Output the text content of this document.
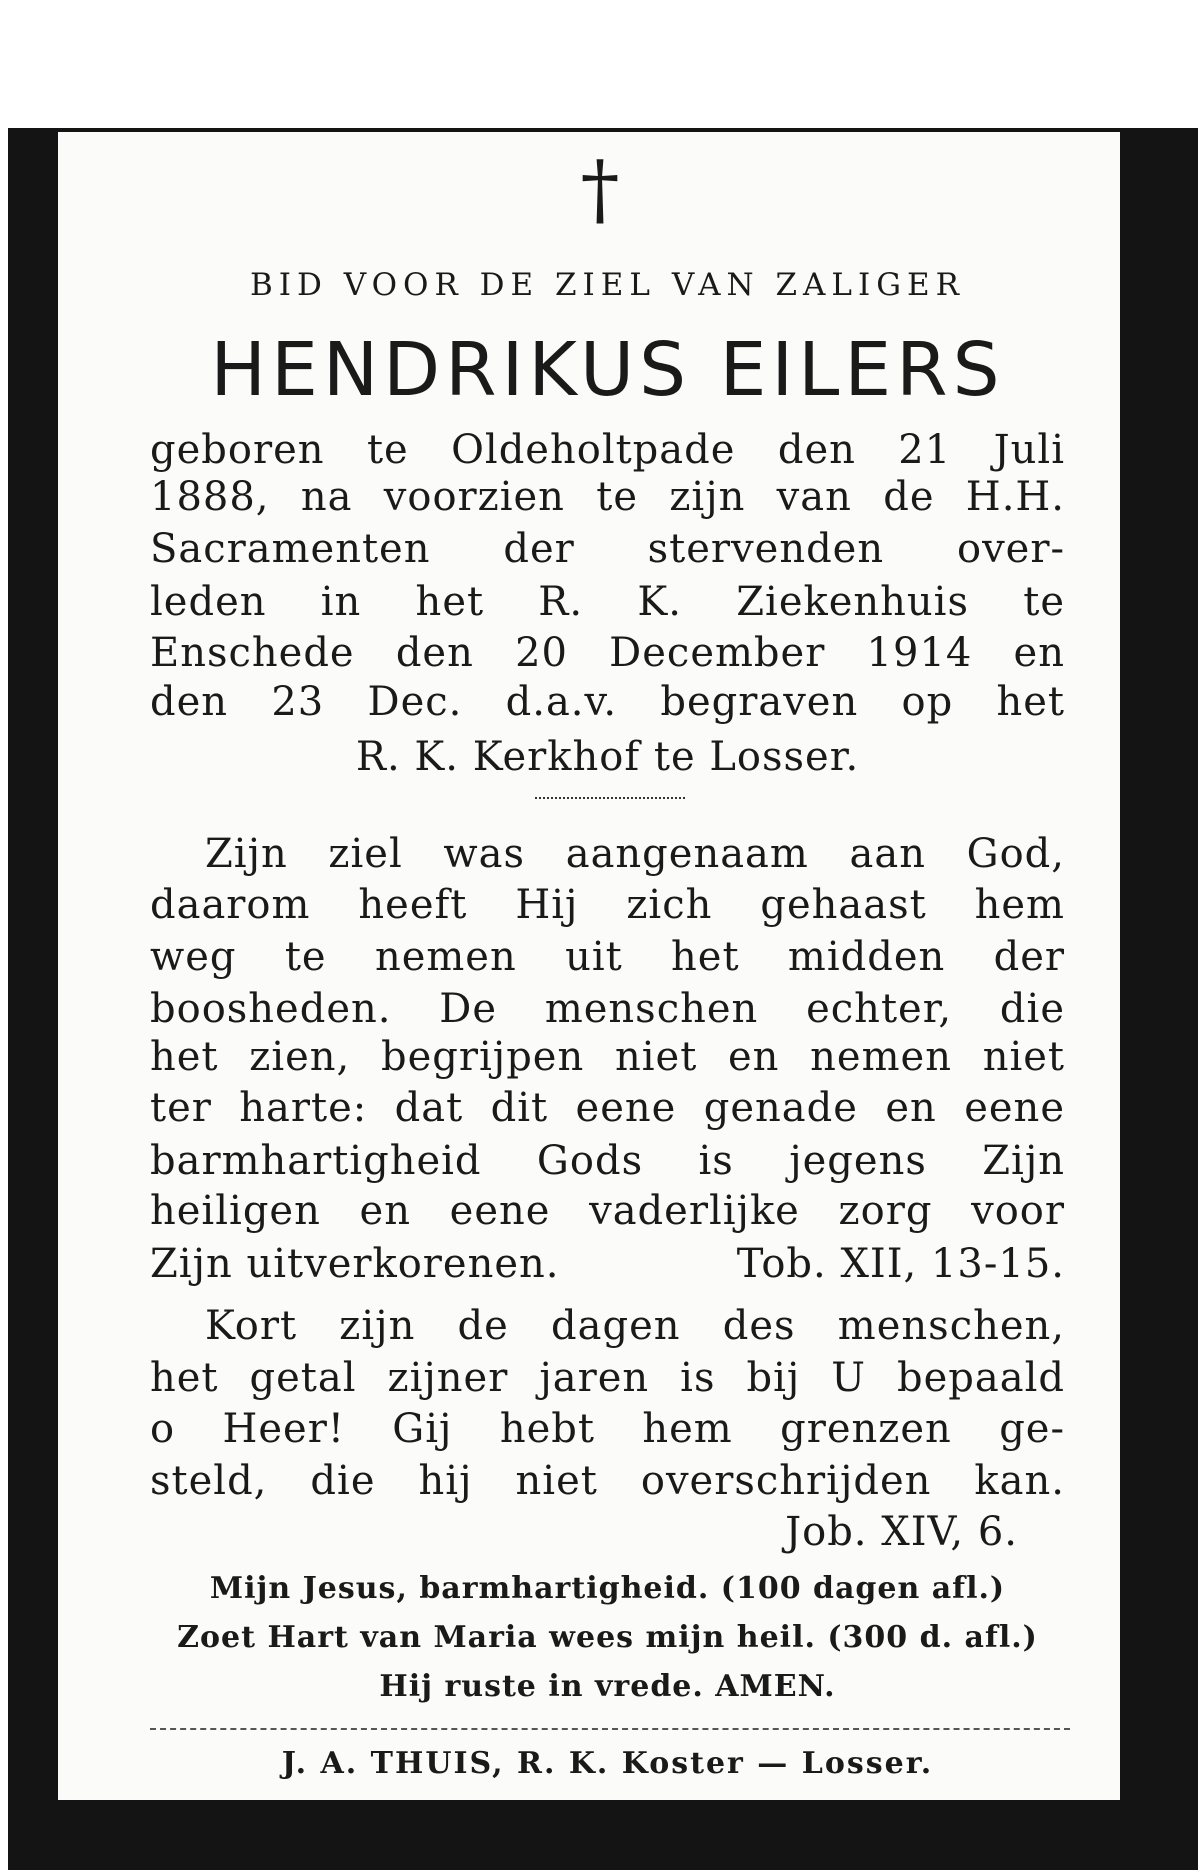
†
BID VOOR DE ZIEL VAN ZALIGER
HENDRIKUS EILERS
geboren te Oldeholtpade den 21 Juli
1888, na voorzien te zijn van de H.H.
Sacramenten der stervenden over-
leden in het R. K. Ziekenhuis te
Enschede den 20 December 1914 en
den 23 Dec. d.a.v. begraven op het
R. K. Kerkhof te Losser.
Zijn ziel was aangenaam aan God,
daarom heeft Hij zich gehaast hem
weg te nemen uit het midden der
boosheden. De menschen echter, die
het zien, begrijpen niet en nemen niet
ter harte: dat dit eene genade en eene
barmhartigheid Gods is jegens Zijn
heiligen en eene vaderlijke zorg voor
Zijn uitverkorenen.	Tob. XII, 13-15.
Kort zijn de dagen des menschen,
het getal zijner jaren is bij U bepaald
o Heer! Gij hebt hem grenzen ge-
steld, die hij niet overschrijden kan.
Job. XIV, 6.
Mijn Jesus, barmhartigheid. (100 dagen afl.)
Zoet Hart van Maria wees mijn heil. (300 d. afl.)
Hij ruste in vrede. AMEN.
J. A. THUIS, R. K. Koster — Losser.
